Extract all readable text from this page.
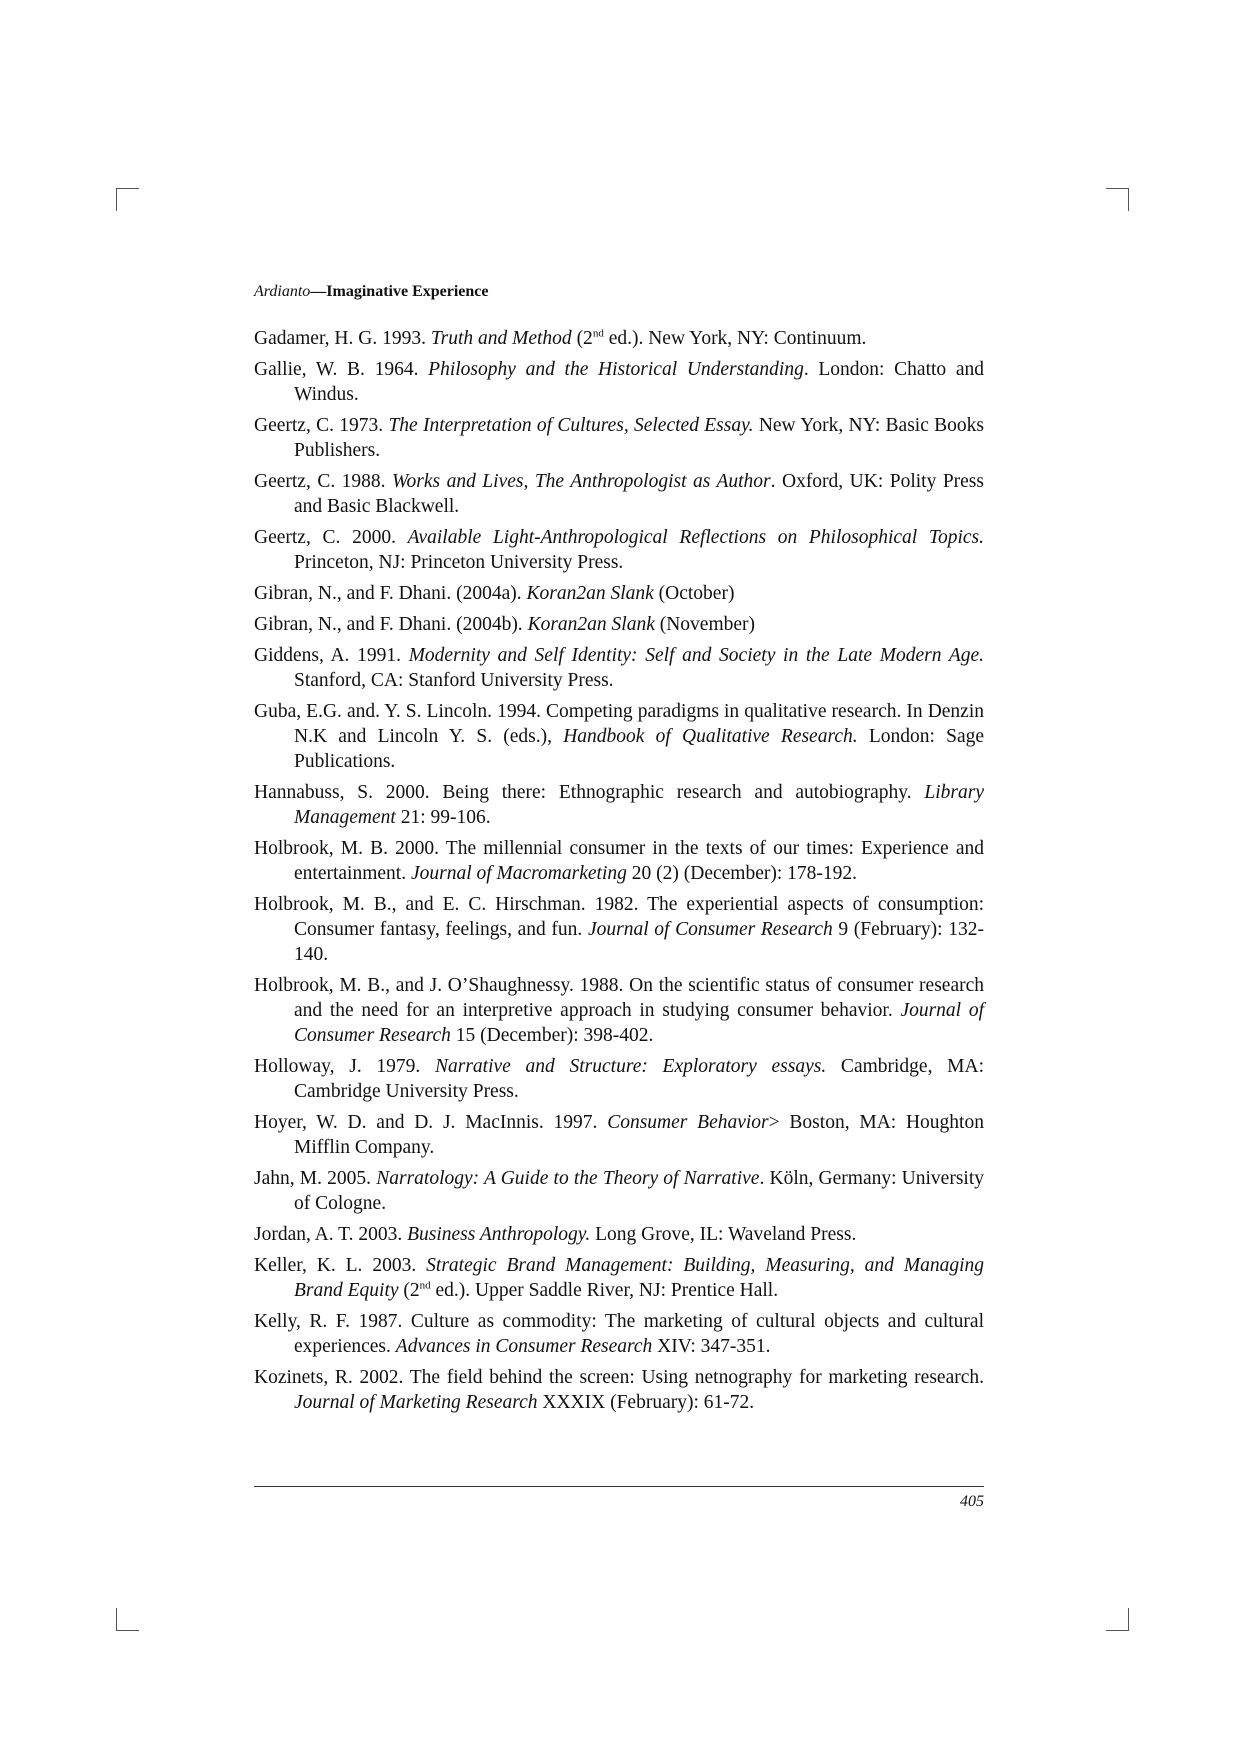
Ardianto—Imaginative Experience

Gadamer, H. G. 1993. Truth and Method (2nd ed.). New York, NY: Continuum.

Gallie, W. B. 1964. Philosophy and the Historical Understanding. London: Chatto and Windus.

Geertz, C. 1973. The Interpretation of Cultures, Selected Essay. New York, NY: Basic Books Publishers.

Geertz, C. 1988. Works and Lives, The Anthropologist as Author. Oxford, UK: Polity Press and Basic Blackwell.

Geertz, C. 2000. Available Light-Anthropological Reflections on Philosophical Topics. Princeton, NJ: Princeton University Press.

Gibran, N., and F. Dhani. (2004a). Koran2an Slank (October)

Gibran, N., and F. Dhani. (2004b). Koran2an Slank (November)

Giddens, A. 1991. Modernity and Self Identity: Self and Society in the Late Modern Age. Stanford, CA: Stanford University Press.

Guba, E.G. and. Y. S. Lincoln. 1994. Competing paradigms in qualitative research. In Denzin N.K and Lincoln Y. S. (eds.), Handbook of Qualitative Research. London: Sage Publications.

Hannabuss, S. 2000. Being there: Ethnographic research and autobiography. Library Management 21: 99-106.

Holbrook, M. B. 2000. The millennial consumer in the texts of our times: Experience and entertainment. Journal of Macromarketing 20 (2) (December): 178-192.

Holbrook, M. B., and E. C. Hirschman. 1982. The experiential aspects of consumption: Consumer fantasy, feelings, and fun. Journal of Consumer Research 9 (February): 132-140.

Holbrook, M. B., and J. O’Shaughnessy. 1988. On the scientific status of consumer research and the need for an interpretive approach in studying consumer behavior. Journal of Consumer Research 15 (December): 398-402.

Holloway, J. 1979. Narrative and Structure: Exploratory essays. Cambridge, MA: Cambridge University Press.

Hoyer, W. D. and D. J. MacInnis. 1997. Consumer Behavior> Boston, MA: Houghton Mifflin Company.

Jahn, M. 2005. Narratology: A Guide to the Theory of Narrative. Köln, Germany: University of Cologne.

Jordan, A. T. 2003. Business Anthropology. Long Grove, IL: Waveland Press.

Keller, K. L. 2003. Strategic Brand Management: Building, Measuring, and Managing Brand Equity (2nd ed.). Upper Saddle River, NJ: Prentice Hall.

Kelly, R. F. 1987. Culture as commodity: The marketing of cultural objects and cultural experiences. Advances in Consumer Research XIV: 347-351.

Kozinets, R. 2002. The field behind the screen: Using netnography for marketing research. Journal of Marketing Research XXXIX (February): 61-72.

405
